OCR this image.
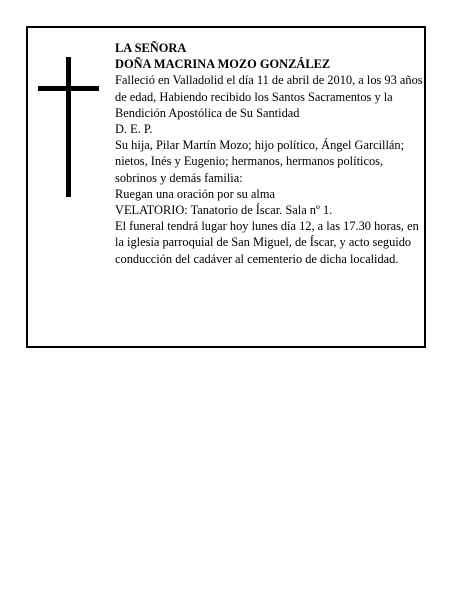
LA SEÑORA

DOÑA MACRINA MOZO GONZÁLEZ

Falleció en Valladolid el día 11 de abril de 2010, a los 93 años de edad, Habiendo recibido los Santos Sacramentos y la Bendición Apostólica de Su Santidad

D. E. P.

Su hija, Pilar Martín Mozo; hijo político, Ángel Garcillán; nietos, Inés y Eugenio; hermanos, hermanos políticos, sobrinos y demás familia:

Ruegan una oración por su alma

VELATORIO: Tanatorio de Íscar. Sala nº 1.

El funeral tendrá lugar hoy lunes día 12, a las 17.30 horas, en la iglesia parroquial de San Miguel, de Íscar, y acto seguido conducción del cadáver al cementerio de dicha localidad.
